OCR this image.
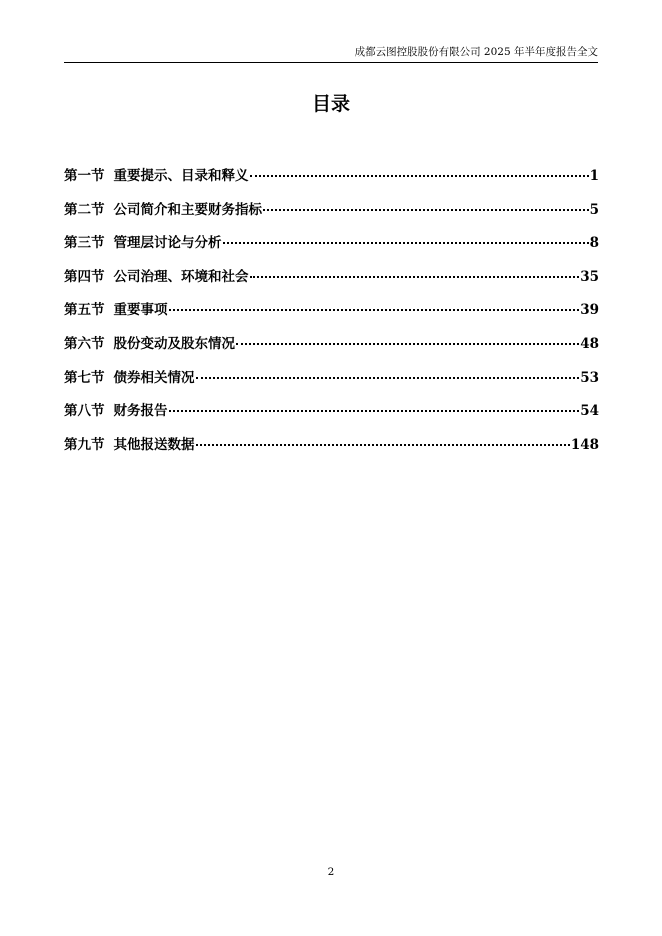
成都云图控股股份有限公司 2025 年半年度报告全文
目录
第一节 重要提示、目录和释义	1
第二节 公司简介和主要财务指标	5
第三节 管理层讨论与分析	8
第四节 公司治理、环境和社会	35
第五节 重要事项	39
第六节 股份变动及股东情况	48
第七节 债券相关情况	53
第八节 财务报告	54
第九节 其他报送数据	148
2
